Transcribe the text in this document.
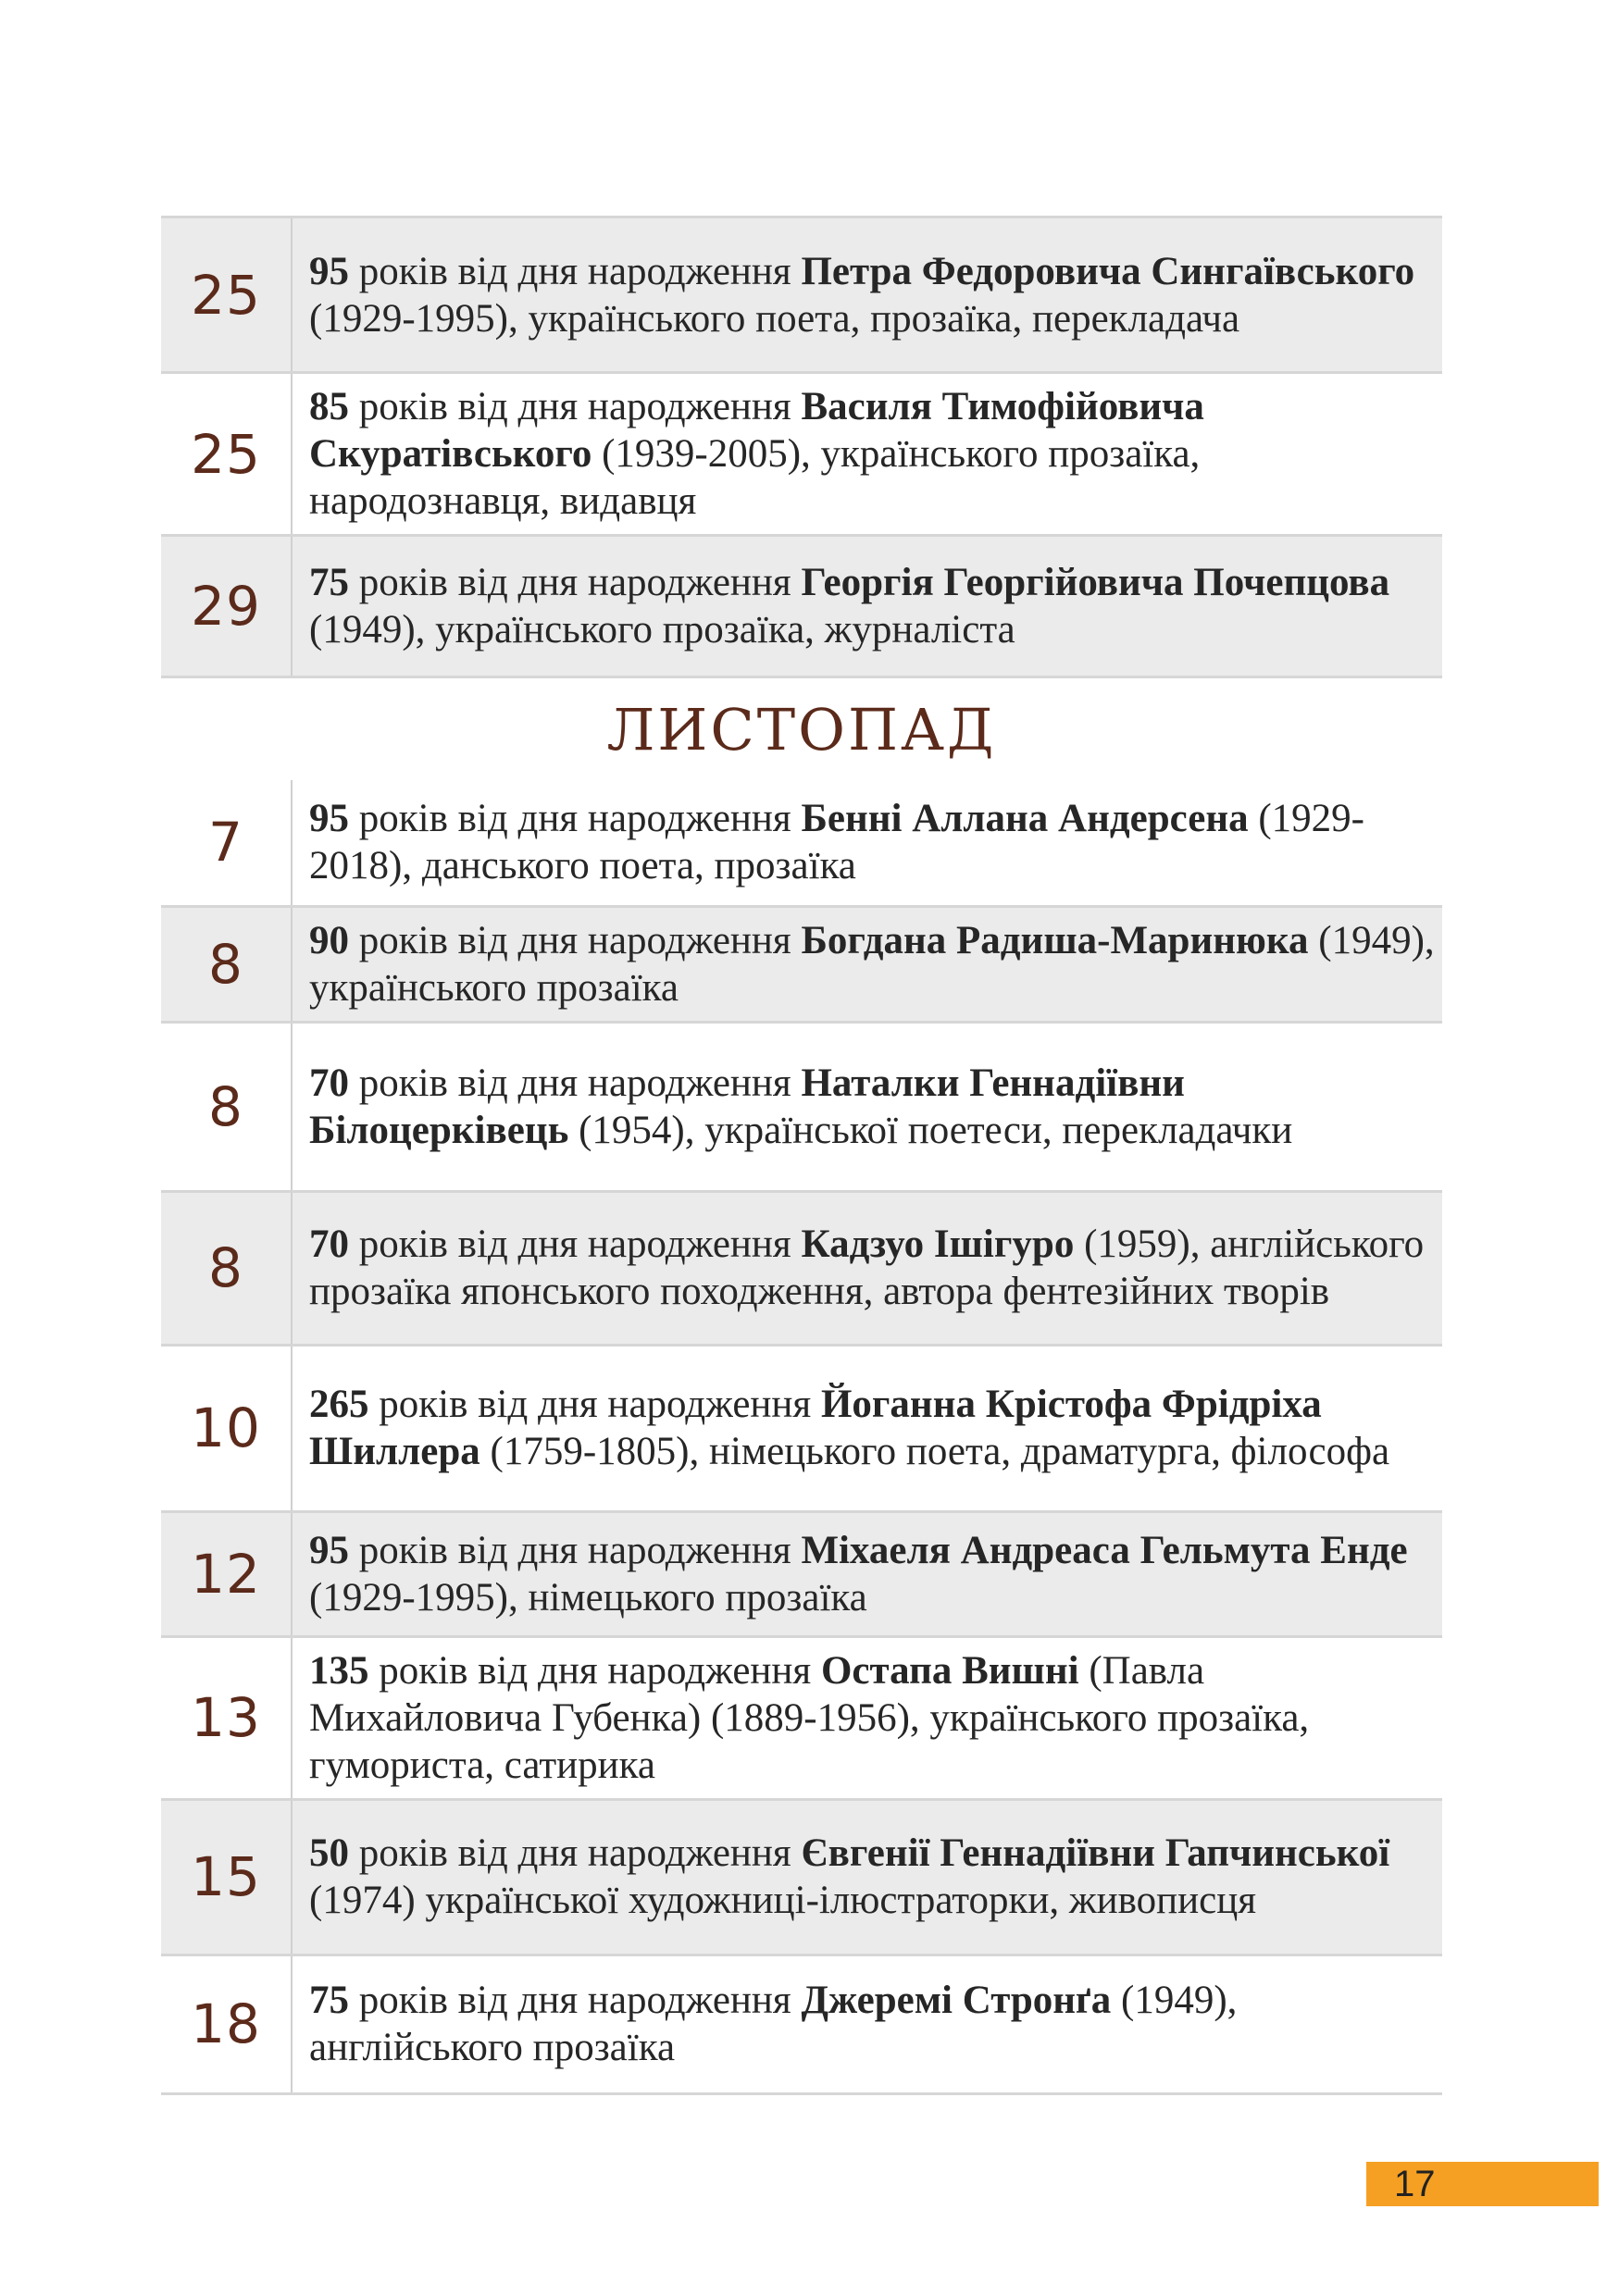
25	95 років від дня народження Петра Федоровича Сингаївського (1929-1995), українського поета, прозаїка, перекладача
25	85 років від дня народження Василя Тимофійовича Скуратівського (1939-2005), українського прозаїка, народознавця, видавця
29	75 років від дня народження Георгія Георгійовича Почепцова (1949), українського прозаїка, журналіста
ЛИСТОПАД
7	95 років від дня народження Бенні Аллана Андерсена (1929-2018), данського поета, прозаїка
8	90 років від дня народження Богдана Радиша-Маринюка (1949), українського прозаїка
8	70 років від дня народження Наталки Геннадіївни Білоцерківець (1954), української поетеси, перекладачки
8	70 років від дня народження Кадзуо Ішігуро (1959), англійського прозаїка японського походження, автора фентезійних творів
10	265 років від дня народження Йоганна Крістофа Фрідріха Шиллера (1759-1805), німецького поета, драматурга, філософа
12	95 років від дня народження Міхаеля Андреаса Гельмута Енде (1929-1995), німецького прозаїка
13	135 років від дня народження Остапа Вишні (Павла Михайловича Губенка) (1889-1956), українського прозаїка, гумориста, сатирика
15	50 років від дня народження Євгенії Геннадіївни Гапчинської (1974) української художниці-ілюстраторки, живописця
18	75 років від дня народження Джеремі Стронґа (1949), англійського прозаїка
17
